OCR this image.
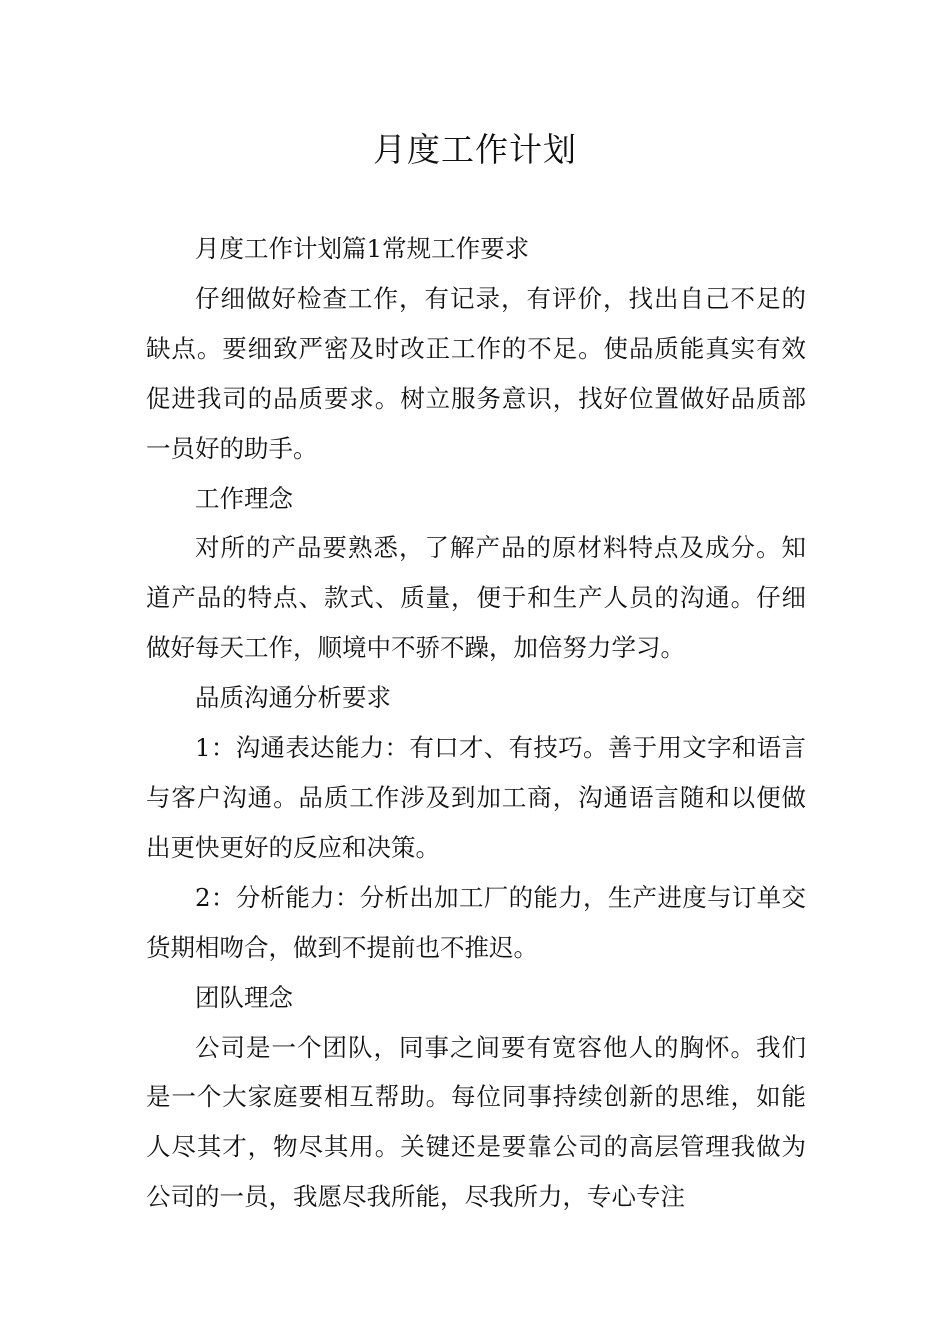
月度工作计划

月度工作计划篇1常规工作要求

仔细做好检查工作，有记录，有评价，找出自己不足的缺点。要细致严密及时改正工作的不足。使品质能真实有效促进我司的品质要求。树立服务意识，找好位置做好品质部一员好的助手。

工作理念

对所的产品要熟悉，了解产品的原材料特点及成分。知道产品的特点、款式、质量，便于和生产人员的沟通。仔细做好每天工作，顺境中不骄不躁，加倍努力学习。

品质沟通分析要求

1：沟通表达能力：有口才、有技巧。善于用文字和语言与客户沟通。品质工作涉及到加工商，沟通语言随和以便做出更快更好的反应和决策。

2：分析能力：分析出加工厂的能力，生产进度与订单交货期相吻合，做到不提前也不推迟。

团队理念

公司是一个团队，同事之间要有宽容他人的胸怀。我们是一个大家庭要相互帮助。每位同事持续创新的思维，如能人尽其才，物尽其用。关键还是要靠公司的高层管理我做为公司的一员，我愿尽我所能，尽我所力，专心专注
